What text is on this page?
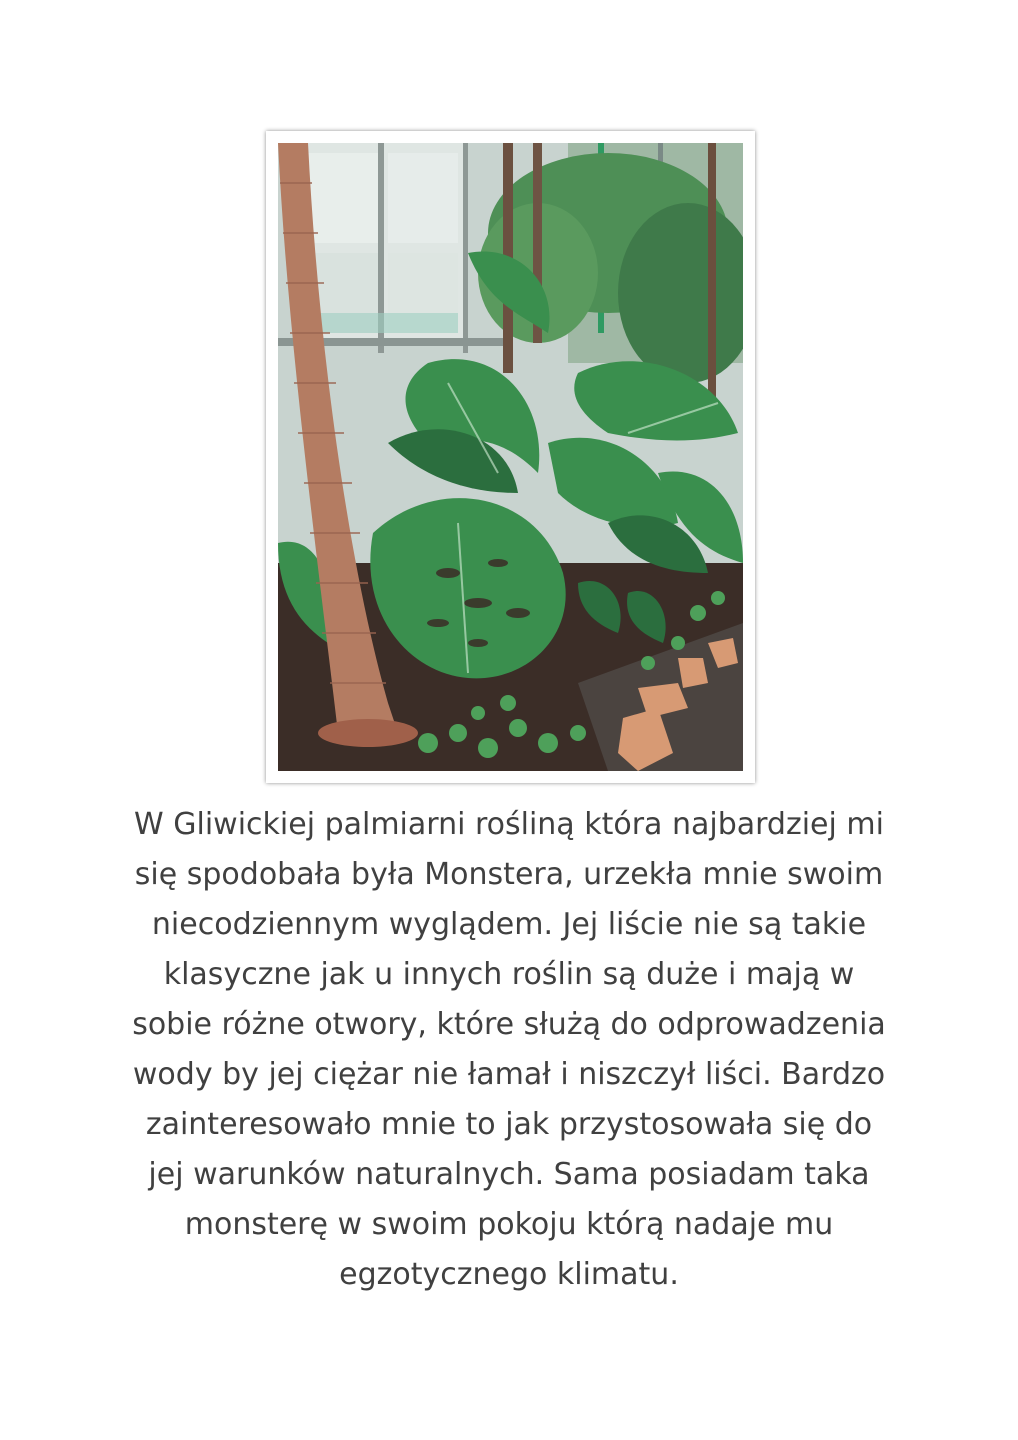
W Gliwickiej palmiarni rośliną która najbardziej mi
się spodobała była Monstera, urzekła mnie swoim
niecodziennym wyglądem. Jej liście nie są takie
klasyczne jak u innych roślin są duże i mają w
sobie różne otwory, które służą do odprowadzenia
wody by jej ciężar nie łamał i niszczył liści. Bardzo
zainteresowało mnie to jak przystosowała się do
jej warunków naturalnych. Sama posiadam taka
monsterę w swoim pokoju którą nadaje mu
egzotycznego klimatu.
